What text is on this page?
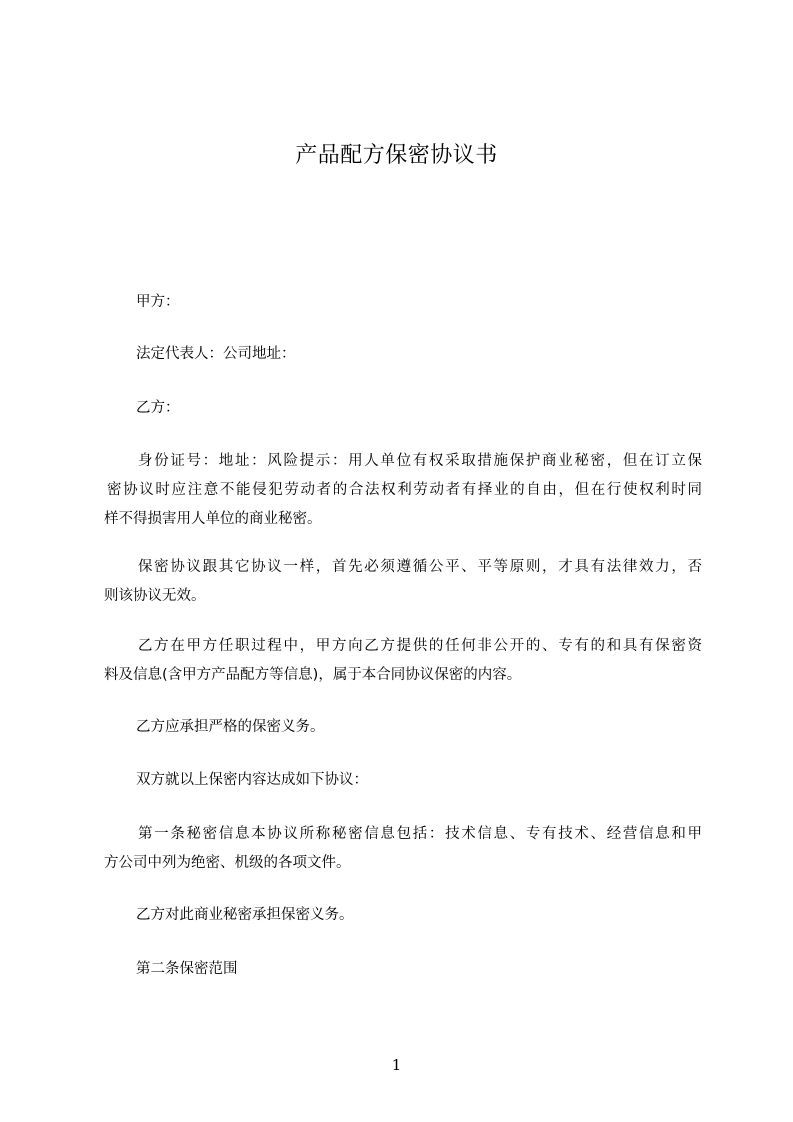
产品配方保密协议书
甲方：
法定代表人：公司地址：
乙方：
身份证号：地址：风险提示：用人单位有权采取措施保护商业秘密，但在订立保
密协议时应注意不能侵犯劳动者的合法权利劳动者有择业的自由，但在行使权利时同
样不得损害用人单位的商业秘密。
保密协议跟其它协议一样，首先必须遵循公平、平等原则，才具有法律效力，否
则该协议无效。
乙方在甲方任职过程中，甲方向乙方提供的任何非公开的、专有的和具有保密资
料及信息(含甲方产品配方等信息)，属于本合同协议保密的内容。
乙方应承担严格的保密义务。
双方就以上保密内容达成如下协议：
第一条秘密信息本协议所称秘密信息包括：技术信息、专有技术、经营信息和甲
方公司中列为绝密、机级的各项文件。
乙方对此商业秘密承担保密义务。
第二条保密范围
1
